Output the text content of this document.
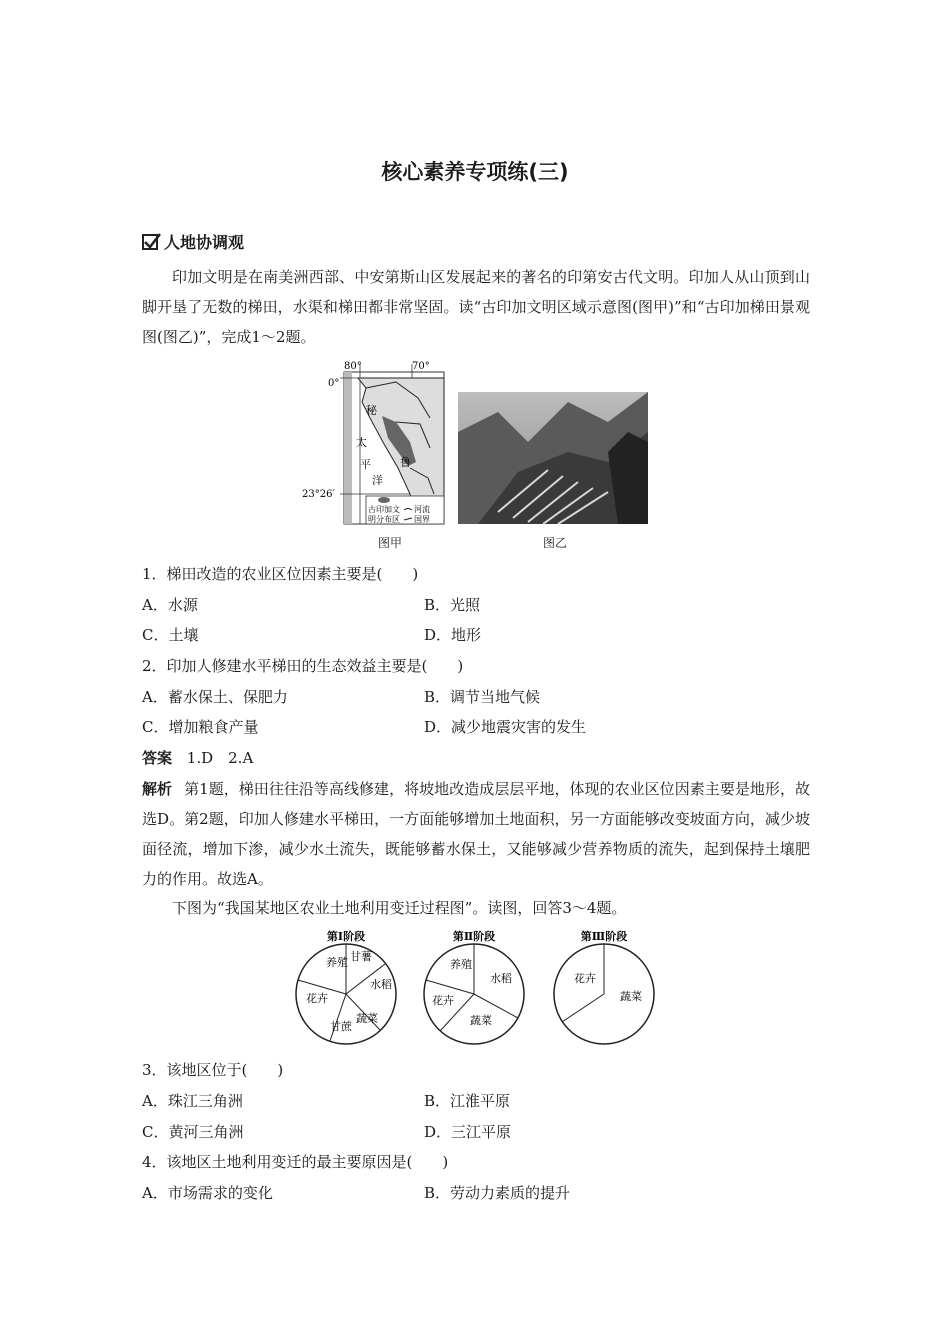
核心素养专项练(三)
人地协调观
印加文明是在南美洲西部、中安第斯山区发展起来的著名的印第安古代文明。印加人从山顶到山脚开垦了无数的梯田，水渠和梯田都非常坚固。读“古印加文明区域示意图(图甲)”和“古印加梯田景观图(图乙)”，完成1～2题。
80°	70°
0°
23°26′
秘
鲁
太
平
洋
古印加文
明分布区
河流
国界
图甲	图乙
1．梯田改造的农业区位因素主要是(　　)
A．水源	B．光照
C．土壤	D．地形
2．印加人修建水平梯田的生态效益主要是(　　)
A．蓄水保土、保肥力	B．调节当地气候
C．增加粮食产量	D．减少地震灾害的发生
答案 1.D　2.A
解析 第1题，梯田往往沿等高线修建，将坡地改造成层层平地，体现的农业区位因素主要是地形，故选D。第2题，印加人修建水平梯田，一方面能够增加土地面积，另一方面能够改变坡面方向，减少坡面径流，增加下渗，减少水土流失，既能够蓄水保土，又能够减少营养物质的流失，起到保持土壤肥力的作用。故选A。
下图为“我国某地区农业土地利用变迁过程图”。读图，回答3～4题。
第Ⅰ阶段	第Ⅱ阶段	第Ⅲ阶段
养殖 甘薯
水稻
蔬菜
甘蔗
花卉
养殖
水稻
蔬菜
花卉
花卉
蔬菜
3．该地区位于(　　)
A．珠江三角洲	B．江淮平原
C．黄河三角洲	D．三江平原
4．该地区土地利用变迁的最主要原因是(　　)
A．市场需求的变化	B．劳动力素质的提升
